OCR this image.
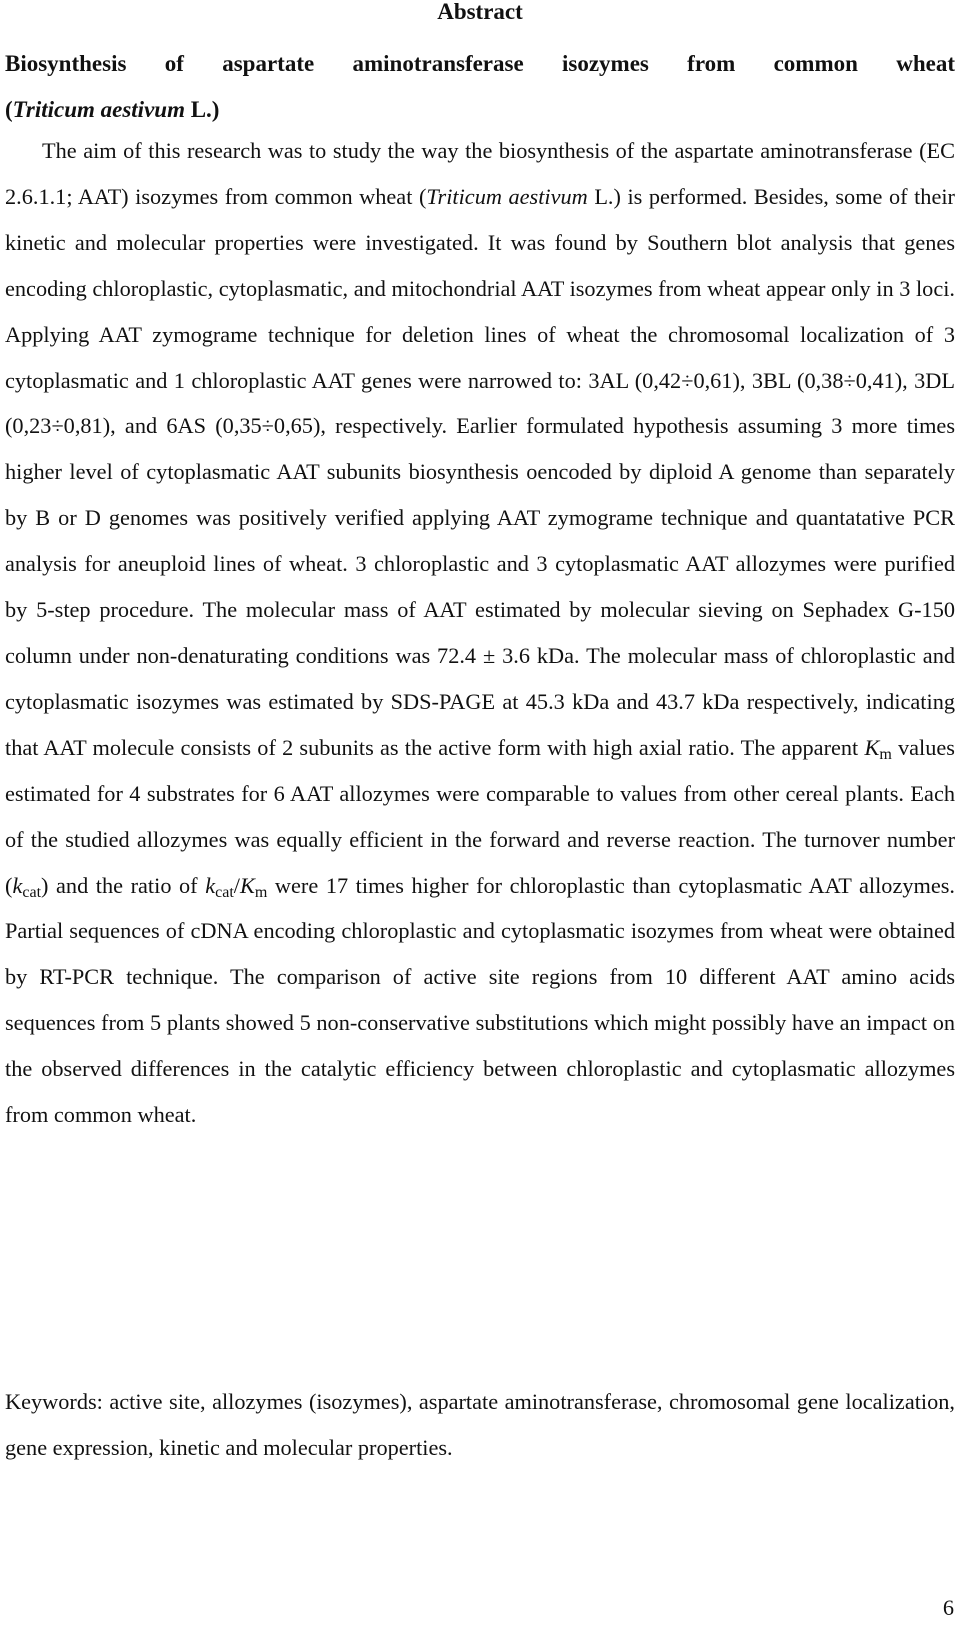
Abstract
Biosynthesis of aspartate aminotransferase isozymes from common wheat
(Triticum aestivum L.)
The aim of this research was to study the way the biosynthesis of the aspartate aminotransferase (EC 2.6.1.1; AAT) isozymes from common wheat (Triticum aestivum L.) is performed. Besides, some of their kinetic and molecular properties were investigated. It was found by Southern blot analysis that genes encoding chloroplastic, cytoplasmatic, and mitochondrial AAT isozymes from wheat appear only in 3 loci. Applying AAT zymograme technique for deletion lines of wheat the chromosomal localization of 3 cytoplasmatic and 1 chloroplastic AAT genes were narrowed to: 3AL (0,42÷0,61), 3BL (0,38÷0,41), 3DL (0,23÷0,81), and 6AS (0,35÷0,65), respectively. Earlier formulated hypothesis assuming 3 more times higher level of cytoplasmatic AAT subunits biosynthesis oencoded by diploid A genome than separately by B or D genomes was positively verified applying AAT zymograme technique and quantatative PCR analysis for aneuploid lines of wheat. 3 chloroplastic and 3 cytoplasmatic AAT allozymes were purified by 5-step procedure. The molecular mass of AAT estimated by molecular sieving on Sephadex G-150 column under non-denaturating conditions was 72.4 ± 3.6 kDa. The molecular mass of chloroplastic and cytoplasmatic isozymes was estimated by SDS-PAGE at 45.3 kDa and 43.7 kDa respectively, indicating that AAT molecule consists of 2 subunits as the active form with high axial ratio. The apparent $K_m$ values estimated for 4 substrates for 6 AAT allozymes were comparable to values from other cereal plants. Each of the studied allozymes was equally efficient in the forward and reverse reaction. The turnover number $(k_{cat})$ and the ratio of $k_{cat}/K_m$ were 17 times higher for chloroplastic than cytoplasmatic AAT allozymes. Partial sequences of cDNA encoding chloroplastic and cytoplasmatic isozymes from wheat were obtained by RT-PCR technique. The comparison of active site regions from 10 different AAT amino acids sequences from 5 plants showed 5 non-conservative substitutions which might possibly have an impact on the observed differences in the catalytic efficiency between chloroplastic and cytoplasmatic allozymes from common wheat.
Keywords: active site, allozymes (isozymes), aspartate aminotransferase, chromosomal gene localization, gene expression, kinetic and molecular properties.
6
